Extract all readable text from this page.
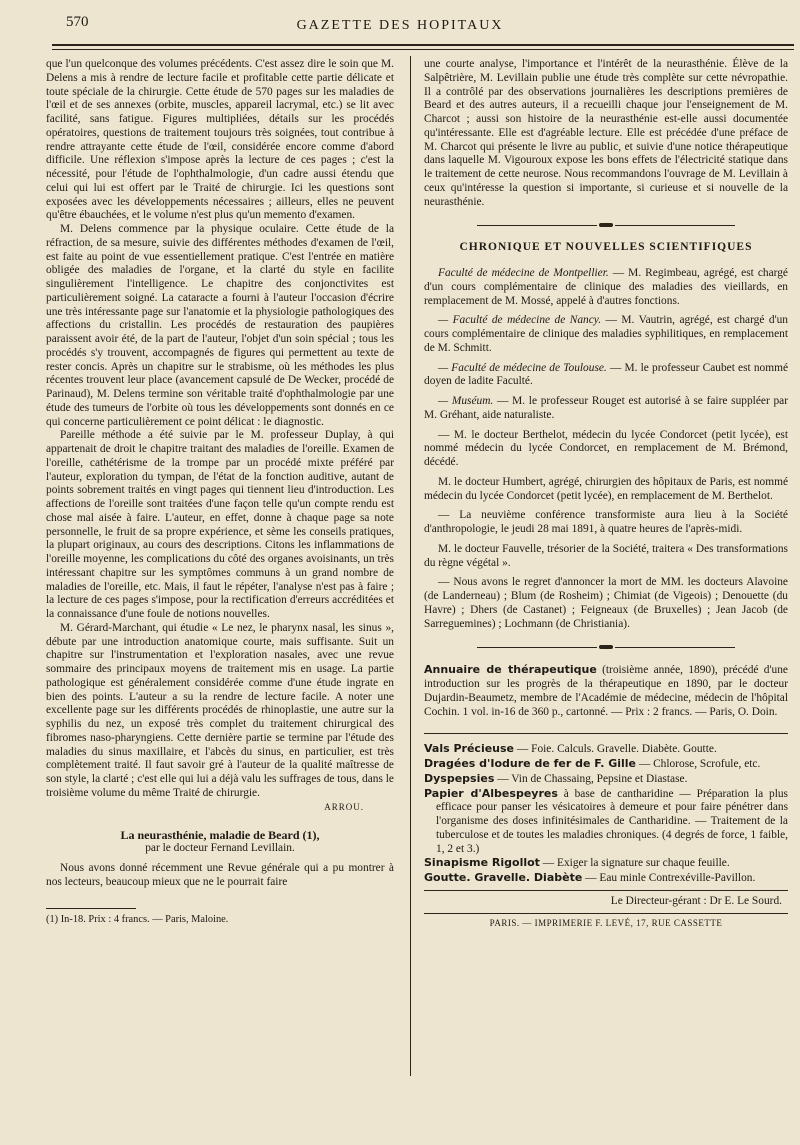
570	GAZETTE DES HOPITAUX

que l'un quelconque des volumes précédents. C'est assez dire le soin que M. Delens a mis à rendre de lecture facile et profitable cette partie délicate et toute spéciale de la chirurgie. Cette étude de 570 pages sur les maladies de l'œil et de ses annexes (orbite, muscles, appareil lacrymal, etc.) se lit avec facilité, sans fatigue. Figures multipliées, détails sur les procédés opératoires, questions de traitement toujours très soignées, tout contribue à rendre attrayante cette étude de l'œil, considérée encore comme d'abord difficile. Une réflexion s'impose après la lecture de ces pages ; c'est la nécessité, pour l'étude de l'ophthalmologie, d'un cadre aussi étendu que celui qui lui est offert par le Traité de chirurgie. Ici les questions sont exposées avec les développements nécessaires ; ailleurs, elles ne peuvent qu'être ébauchées, et le volume n'est plus qu'un memento d'examen.

M. Delens commence par la physique oculaire. Cette étude de la réfraction, de sa mesure, suivie des différentes méthodes d'examen de l'œil, est faite au point de vue essentiellement pratique. C'est l'entrée en matière obligée des maladies de l'organe, et la clarté du style en facilite singulièrement l'intelligence. Le chapitre des conjonctivites est particulièrement soigné. La cataracte a fourni à l'auteur l'occasion d'écrire une très intéressante page sur l'anatomie et la physiologie pathologiques des affections du cristallin. Les procédés de restauration des paupières paraissent avoir été, de la part de l'auteur, l'objet d'un soin spécial ; tous les procédés s'y trouvent, accompagnés de figures qui permettent au texte de rester concis. Après un chapitre sur le strabisme, où les méthodes les plus récentes trouvent leur place (avancement capsulé de De Wecker, procédé de Parinaud), M. Delens termine son véritable traité d'ophthalmologie par une étude des tumeurs de l'orbite où tous les développements sont donnés en ce qui concerne particulièrement ce point délicat : le diagnostic.

Pareille méthode a été suivie par le M. professeur Duplay, à qui appartenait de droit le chapitre traitant des maladies de l'oreille. Examen de l'oreille, cathétérisme de la trompe par un procédé mixte préféré par l'auteur, exploration du tympan, de l'état de la fonction auditive, autant de points sobrement traités en vingt pages qui tiennent lieu d'introduction. Les affections de l'oreille sont traitées d'une façon telle qu'un compte rendu est chose mal aisée à faire. L'auteur, en effet, donne à chaque page sa note personnelle, le fruit de sa propre expérience, et sème les conseils pratiques, la plupart originaux, au cours des descriptions. Citons les inflammations de l'oreille moyenne, les complications du côté des organes avoisinants, un très intéressant chapitre sur les symptômes communs à un grand nombre de maladies de l'oreille, etc. Mais, il faut le répéter, l'analyse n'est pas à faire ; la lecture de ces pages s'impose, pour la rectification d'erreurs accréditées et la connaissance d'une foule de notions nouvelles.

M. Gérard-Marchant, qui étudie « Le nez, le pharynx nasal, les sinus », débute par une introduction anatomique courte, mais suffisante. Suit un chapitre sur l'instrumentation et l'exploration nasales, avec une revue sommaire des principaux moyens de traitement mis en usage. La partie pathologique est généralement considérée comme d'une étude ingrate en bien des points. L'auteur a su la rendre de lecture facile. A noter une excellente page sur les différents procédés de rhinoplastie, une autre sur la syphilis du nez, un exposé très complet du traitement chirurgical des fibromes naso-pharyngiens. Cette dernière partie se termine par l'étude des maladies du sinus maxillaire, et l'abcès du sinus, en particulier, est très complètement traité. Il faut savoir gré à l'auteur de la qualité maîtresse de son style, la clarté ; c'est elle qui lui a déjà valu les suffrages de tous, dans le troisième volume du même Traité de chirurgie.

ARROU.
La neurasthénie, maladie de Beard (1),
par le docteur Fernand Levillain.

Nous avons donné récemment une Revue générale qui a pu montrer à nos lecteurs, beaucoup mieux que ne le pourrait faire

(1) In-18. Prix : 4 francs. — Paris, Maloine.

une courte analyse, l'importance et l'intérêt de la neurasthénie. Élève de la Salpêtrière, M. Levillain publie une étude très complète sur cette névropathie. Il a contrôlé par des observations journalières les descriptions premières de Beard et des autres auteurs, il a recueilli chaque jour l'enseignement de M. Charcot ; aussi son histoire de la neurasthénie est-elle aussi documentée qu'intéressante. Elle est d'agréable lecture. Elle est précédée d'une préface de M. Charcot qui présente le livre au public, et suivie d'une notice thérapeutique dans laquelle M. Vigouroux expose les bons effets de l'électricité statique dans le traitement de cette neurose. Nous recommandons l'ouvrage de M. Levillain à ceux qu'intéresse la question si importante, si curieuse et si nouvelle de la neurasthénie.

CHRONIQUE ET NOUVELLES SCIENTIFIQUES

Faculté de médecine de Montpellier. — M. Regimbeau, agrégé, est chargé d'un cours complémentaire de clinique des maladies des vieillards, en remplacement de M. Mossé, appelé à d'autres fonctions.

— Faculté de médecine de Nancy. — M. Vautrin, agrégé, est chargé d'un cours complémentaire de clinique des maladies syphilitiques, en remplacement de M. Schmitt.

— Faculté de médecine de Toulouse. — M. le professeur Caubet est nommé doyen de ladite Faculté.

— Muséum. — M. le professeur Rouget est autorisé à se faire suppléer par M. Gréhant, aide naturaliste.

— M. le docteur Berthelot, médecin du lycée Condorcet (petit lycée), est nommé médecin du lycée Condorcet, en remplacement de M. Brémond, décédé.

M. le docteur Humbert, agrégé, chirurgien des hôpitaux de Paris, est nommé médecin du lycée Condorcet (petit lycée), en remplacement de M. Berthelot.

— La neuvième conférence transformiste aura lieu à la Société d'anthropologie, le jeudi 28 mai 1891, à quatre heures de l'après-midi.

M. le docteur Fauvelle, trésorier de la Société, traitera « Des transformations du règne végétal ».

— Nous avons le regret d'annoncer la mort de MM. les docteurs Alavoine (de Landerneau) ; Blum (de Rosheim) ; Chimiat (de Vigeois) ; Denouette (du Havre) ; Dhers (de Castanet) ; Feigneaux (de Bruxelles) ; Jean Jacob (de Sarreguemines) ; Lochmann (de Christiania).

Annuaire de thérapeutique (troisième année, 1890), précédé d'une introduction sur les progrès de la thérapeutique en 1890, par le docteur Dujardin-Beaumetz, membre de l'Académie de médecine, médecin de l'hôpital Cochin. 1 vol. in-16 de 360 p., cartonné. — Prix : 2 francs. — Paris, O. Doin.

Vals Précieuse — Foie. Calculs. Gravelle. Diabète. Goutte.

Dragées d'Iodure de fer de F. Gille — Chlorose, Scrofule, etc.

Dyspepsies — Vin de Chassaing, Pepsine et Diastase.

Papier d'Albespeyres à base de cantharidine — Préparation la plus efficace pour panser les vésicatoires à demeure et pour faire pénétrer dans l'organisme des doses infinitésimales de Cantharidine. — Traitement de la tuberculose et de toutes les maladies chroniques. (4 degrés de force, 1 faible, 1, 2 et 3.)

Sinapisme Rigollot — Exiger la signature sur chaque feuille.

Goutte. Gravelle. Diabète — Eau minle Contrexéville-Pavillon.

Le Directeur-gérant : Dr E. Le Sourd.
PARIS. — IMPRIMERIE F. LEVÉ, 17, RUE CASSETTE
